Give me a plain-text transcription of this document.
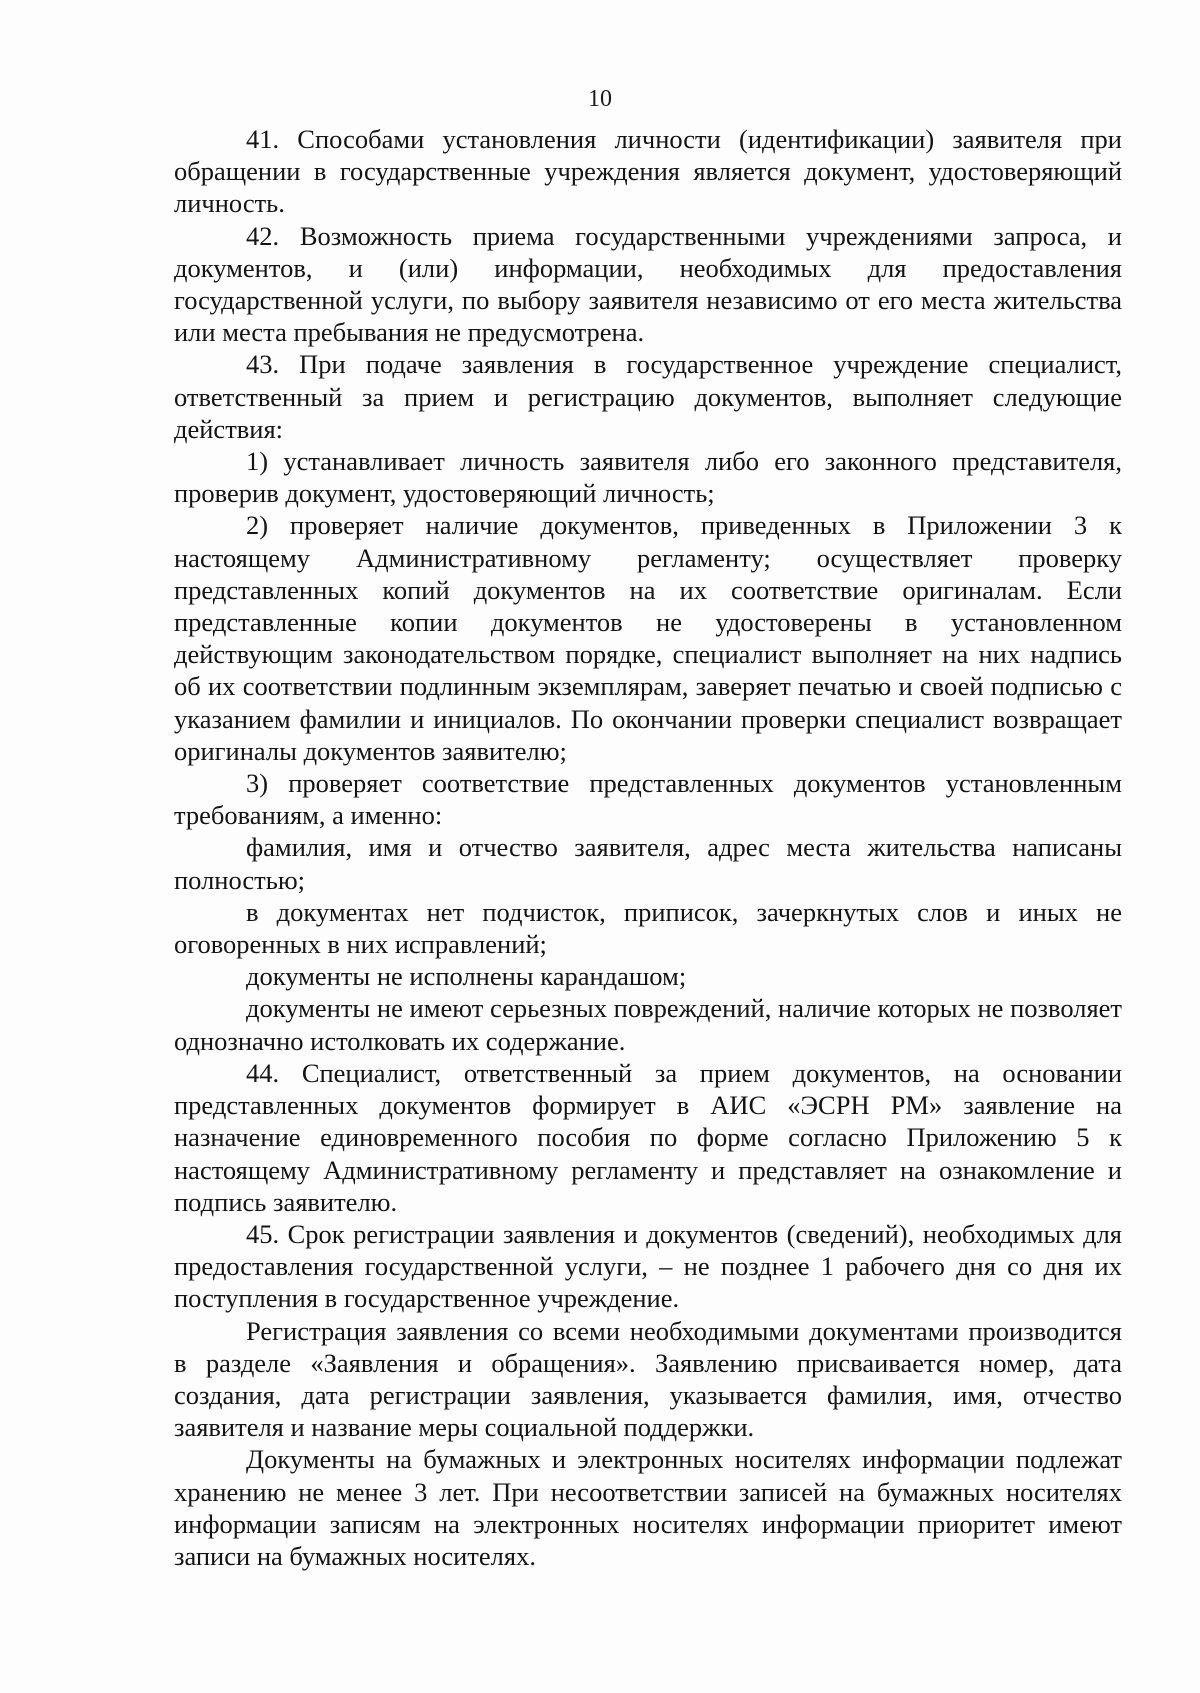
10

41. Способами установления личности (идентификации) заявителя при обращении в государственные учреждения является документ, удостоверяющий личность.

42. Возможность приема государственными учреждениями запроса, и документов, и (или) информации, необходимых для предоставления государственной услуги, по выбору заявителя независимо от его места жительства или места пребывания не предусмотрена.

43. При подаче заявления в государственное учреждение специалист, ответственный за прием и регистрацию документов, выполняет следующие действия:

1) устанавливает личность заявителя либо его законного представителя, проверив документ, удостоверяющий личность;

2) проверяет наличие документов, приведенных в Приложении 3 к настоящему Административному регламенту; осуществляет проверку представленных копий документов на их соответствие оригиналам. Если представленные копии документов не удостоверены в установленном действующим законодательством порядке, специалист выполняет на них надпись об их соответствии подлинным экземплярам, заверяет печатью и своей подписью с указанием фамилии и инициалов. По окончании проверки специалист возвращает оригиналы документов заявителю;

3) проверяет соответствие представленных документов установленным требованиям, а именно:

фамилия, имя и отчество заявителя, адрес места жительства написаны полностью;

в документах нет подчисток, приписок, зачеркнутых слов и иных не оговоренных в них исправлений;

документы не исполнены карандашом;

документы не имеют серьезных повреждений, наличие которых не позволяет однозначно истолковать их содержание.

44. Специалист, ответственный за прием документов, на основании представленных документов формирует в АИС «ЭСРН РМ» заявление на назначение единовременного пособия по форме согласно Приложению 5 к настоящему Административному регламенту и представляет на ознакомление и подпись заявителю.

45. Срок регистрации заявления и документов (сведений), необходимых для предоставления государственной услуги, – не позднее 1 рабочего дня со дня их поступления в государственное учреждение.

Регистрация заявления со всеми необходимыми документами производится в разделе «Заявления и обращения». Заявлению присваивается номер, дата создания, дата регистрации заявления, указывается фамилия, имя, отчество заявителя и название меры социальной поддержки.

Документы на бумажных и электронных носителях информации подлежат хранению не менее 3 лет. При несоответствии записей на бумажных носителях информации записям на электронных носителях информации приоритет имеют записи на бумажных носителях.
